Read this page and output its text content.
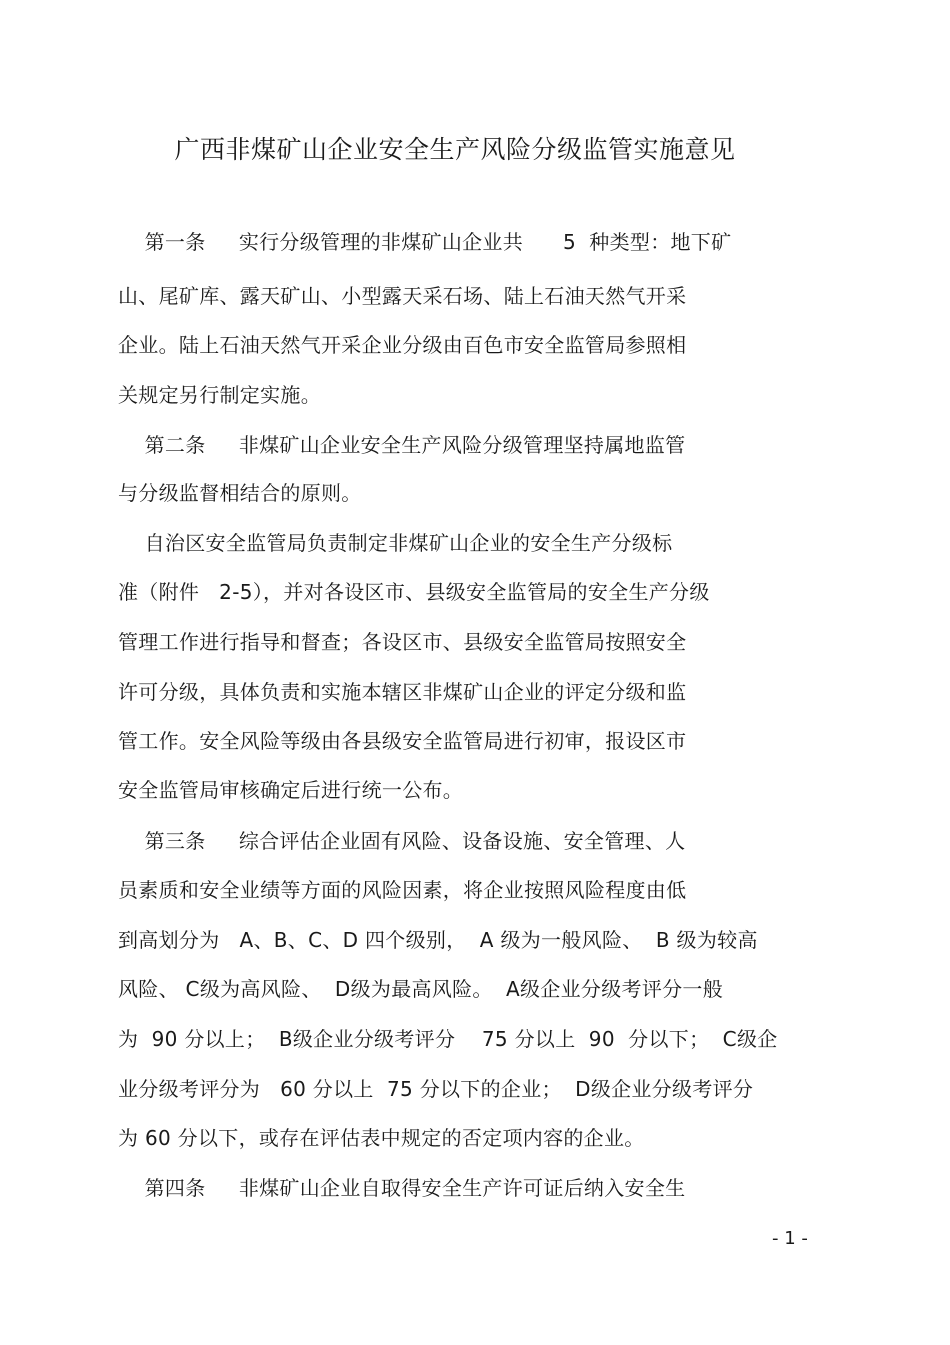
广西非煤矿山企业安全生产风险分级监管实施意见

第一条     实行分级管理的非煤矿山企业共      5  种类型：地下矿

山、尾矿库、露天矿山、小型露天采石场、陆上石油天然气开采

企业。陆上石油天然气开采企业分级由百色市安全监管局参照相

关规定另行制定实施。

第二条     非煤矿山企业安全生产风险分级管理坚持属地监管

与分级监督相结合的原则。

自治区安全监管局负责制定非煤矿山企业的安全生产分级标

准（附件   2-5），并对各设区市、县级安全监管局的安全生产分级

管理工作进行指导和督查；各设区市、县级安全监管局按照安全

许可分级，具体负责和实施本辖区非煤矿山企业的评定分级和监

管工作。安全风险等级由各县级安全监管局进行初审，报设区市

安全监管局审核确定后进行统一公布。

第三条     综合评估企业固有风险、设备设施、安全管理、人

员素质和安全业绩等方面的风险因素，将企业按照风险程度由低

到高划分为   A、B、C、D 四个级别，  A 级为一般风险、  B 级为较高

风险、 C级为高风险、  D级为最高风险。  A级企业分级考评分一般

为  90 分以上；  B级企业分级考评分    75 分以上  90  分以下；  C级企

业分级考评分为   60 分以上  75 分以下的企业；  D级企业分级考评分

为 60 分以下，或存在评估表中规定的否定项内容的企业。

第四条     非煤矿山企业自取得安全生产许可证后纳入安全生

- 1 -
